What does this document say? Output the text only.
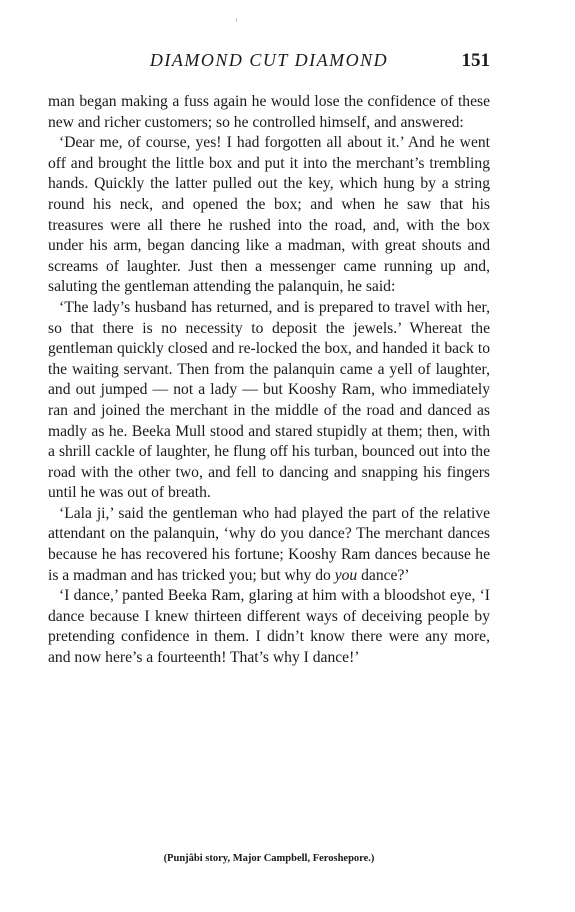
DIAMOND CUT DIAMOND	151

man began making a fuss again he would lose the confidence of these new and richer customers; so he controlled himself, and answered:

‘Dear me, of course, yes! I had forgotten all about it.’ And he went off and brought the little box and put it into the merchant’s trembling hands. Quickly the latter pulled out the key, which hung by a string round his neck, and opened the box; and when he saw that his treasures were all there he rushed into the road, and, with the box under his arm, began dancing like a madman, with great shouts and screams of laughter. Just then a messenger came running up and, saluting the gentleman attending the palanquin, he said:

‘The lady’s husband has returned, and is prepared to travel with her, so that there is no necessity to deposit the jewels.’ Whereat the gentleman quickly closed and re-locked the box, and handed it back to the waiting servant. Then from the palanquin came a yell of laughter, and out jumped — not a lady — but Kooshy Ram, who immediately ran and joined the merchant in the middle of the road and danced as madly as he. Beeka Mull stood and stared stupidly at them; then, with a shrill cackle of laughter, he flung off his turban, bounced out into the road with the other two, and fell to dancing and snapping his fingers until he was out of breath.

‘Lala ji,’ said the gentleman who had played the part of the relative attendant on the palanquin, ‘why do you dance? The merchant dances because he has recovered his fortune; Kooshy Ram dances because he is a madman and has tricked you; but why do you dance?’

‘I dance,’ panted Beeka Ram, glaring at him with a bloodshot eye, ‘I dance because I knew thirteen different ways of deceiving people by pretending confidence in them. I didn’t know there were any more, and now here’s a fourteenth! That’s why I dance!’

(Punjâbi story, Major Campbell, Feroshepore.)
